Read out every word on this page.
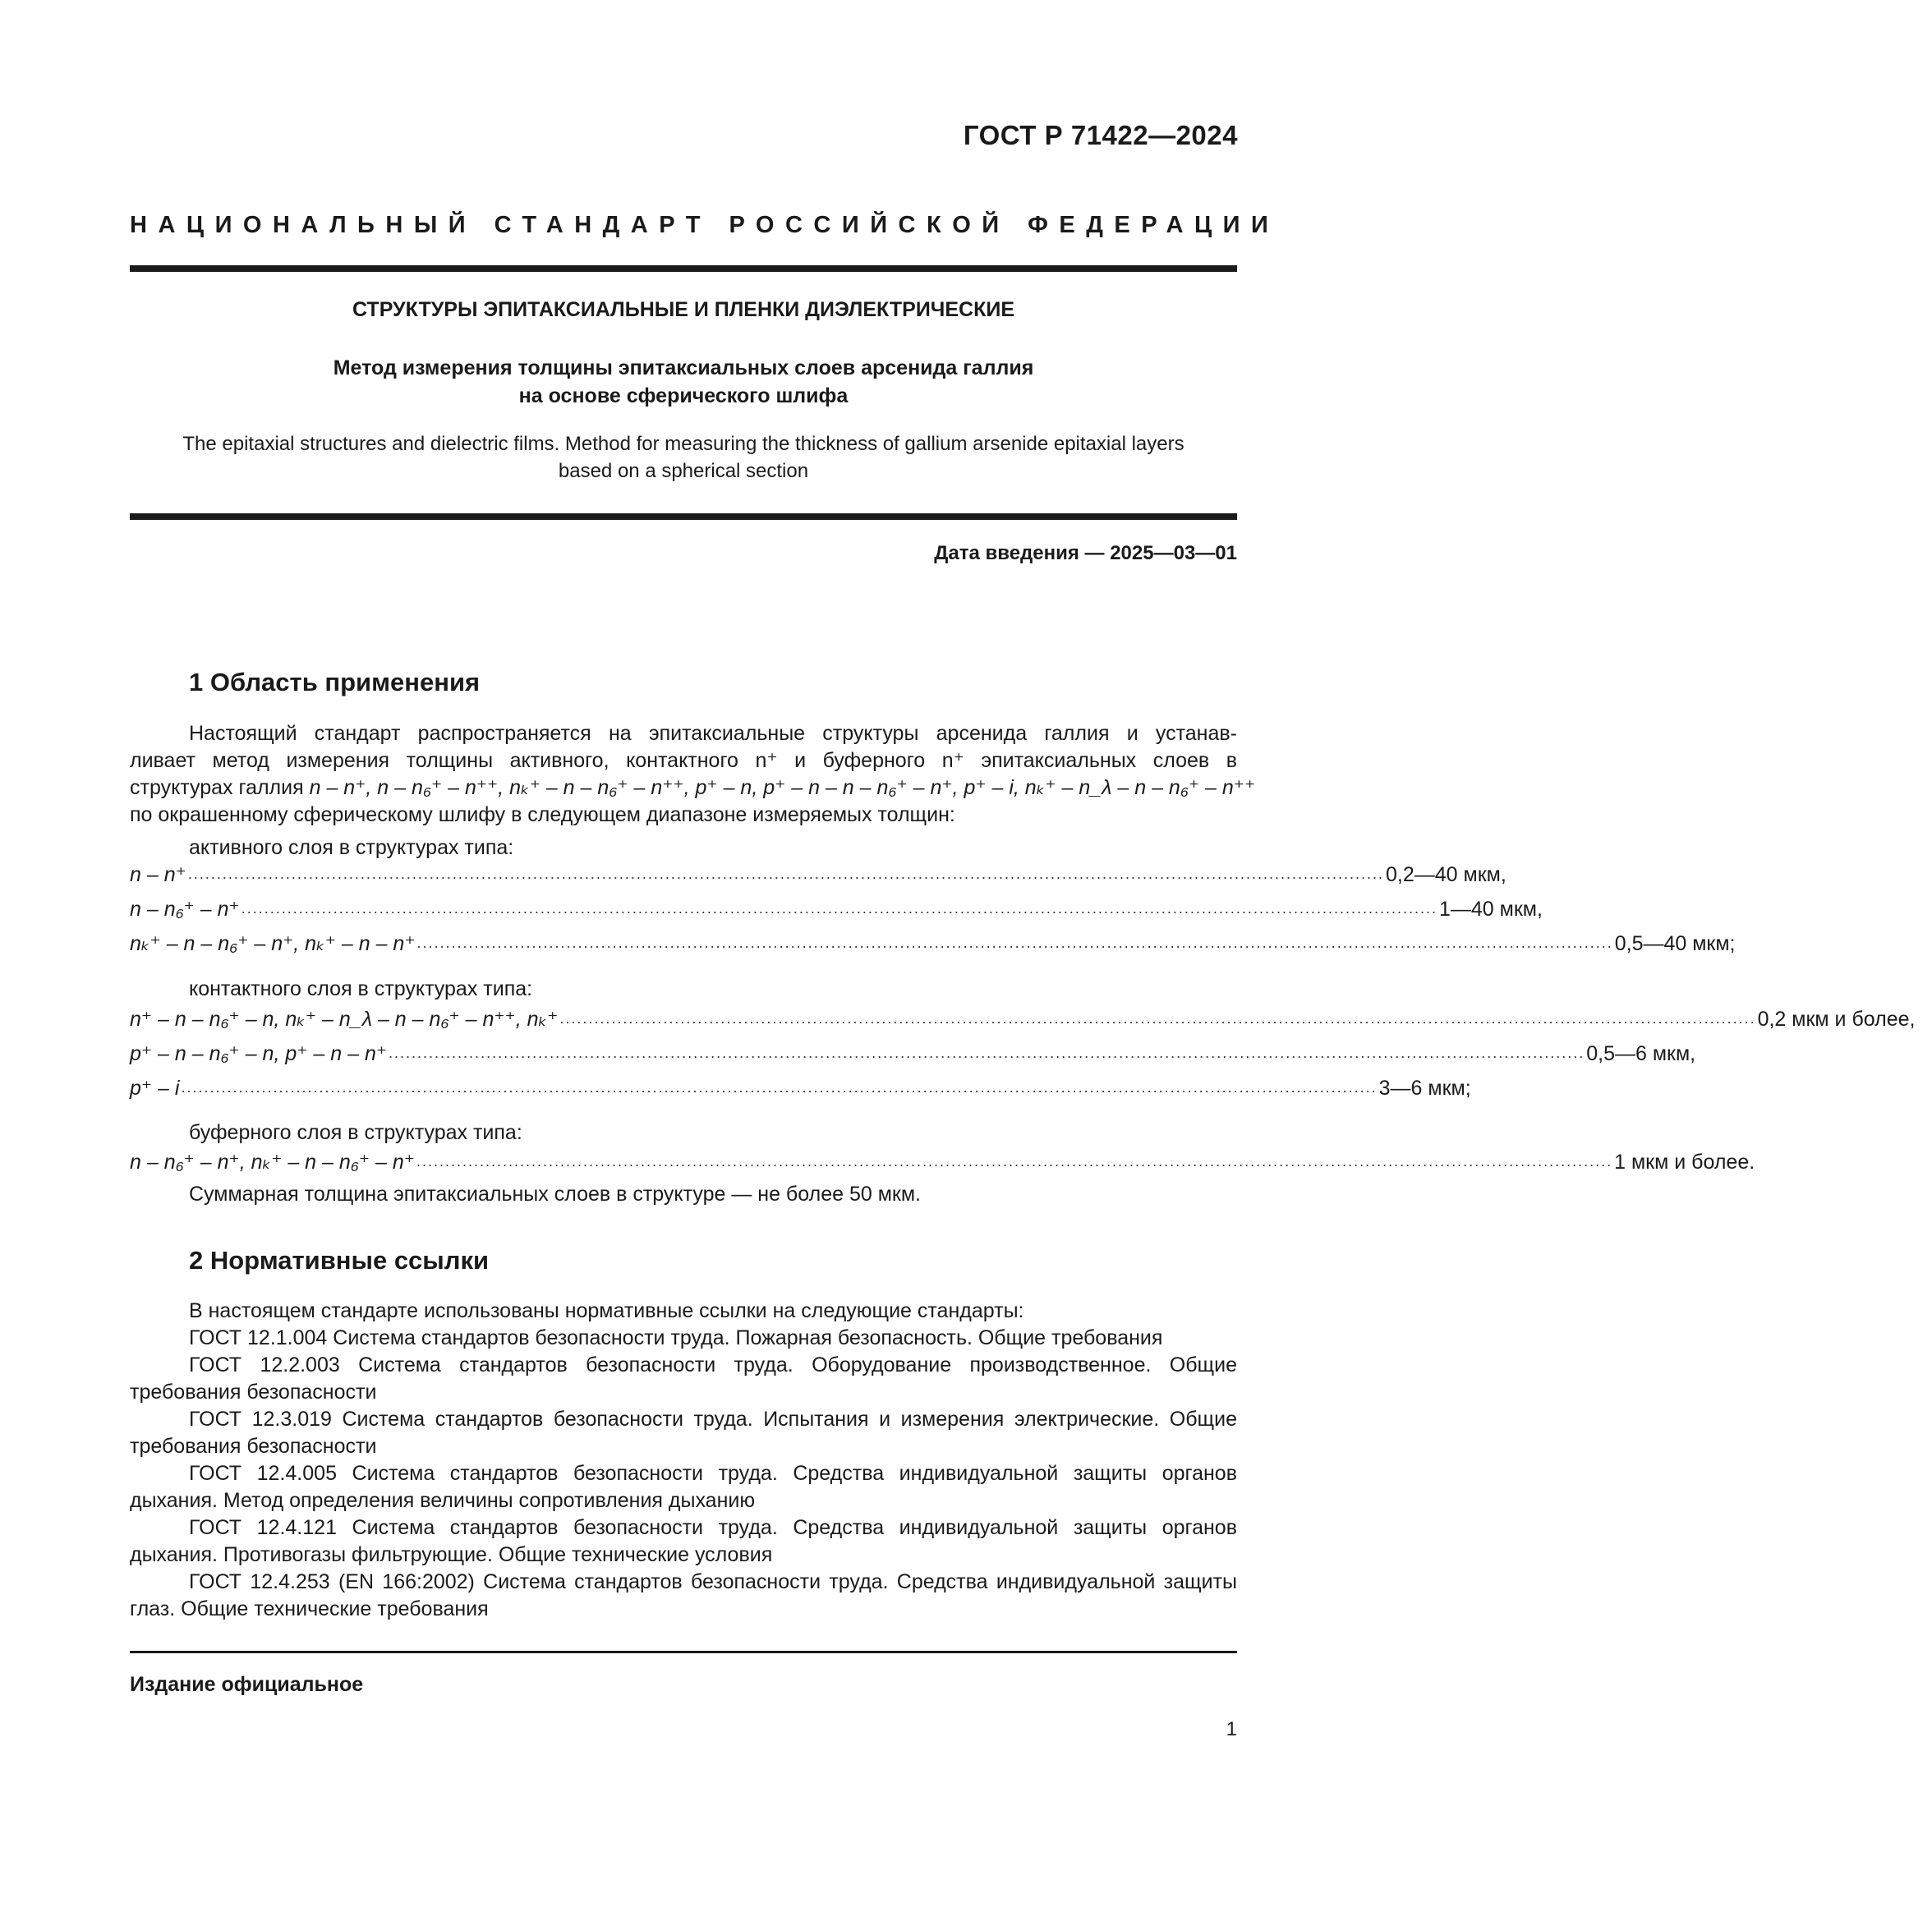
ГОСТ Р 71422—2024
НАЦИОНАЛЬНЫЙ СТАНДАРТ РОССИЙСКОЙ ФЕДЕРАЦИИ
СТРУКТУРЫ ЭПИТАКСИАЛЬНЫЕ И ПЛЕНКИ ДИЭЛЕКТРИЧЕСКИЕ
Метод измерения толщины эпитаксиальных слоев арсенида галлия
на основе сферического шлифа
The epitaxial structures and dielectric films. Method for measuring the thickness of gallium arsenide epitaxial layers
based on a spherical section
Дата введения — 2025—03—01
1 Область применения
Настоящий стандарт распространяется на эпитаксиальные структуры арсенида галлия и устанав-
ливает метод измерения толщины активного, контактного n⁺ и буферного n⁺ эпитаксиальных слоев в
структурах галлия n – n⁺, n – n₆⁺ – n⁺⁺, nₖ⁺ – n – n₆⁺ – n⁺⁺, p⁺ – n, p⁺ – n – n – n₆⁺ – n⁺, p⁺ – i, nₖ⁺ – n_λ – n – n₆⁺ – n⁺⁺
по окрашенному сферическому шлифу в следующем диапазоне измеряемых толщин:
активного слоя в структурах типа:
n – n⁺ ................................................................................................................................................................................................................ 0,2—40 мкм,
n – n₆⁺ – n⁺ ................................................................................................................................................................................................................ 1—40 мкм,
nₖ⁺ – n – n₆⁺ – n⁺, nₖ⁺ – n – n⁺ ................................................................................................................................................................................................................ 0,5—40 мкм;
контактного слоя в структурах типа:
n⁺ – n – n₆⁺ – n, nₖ⁺ – n_λ – n – n₆⁺ – n⁺⁺, nₖ⁺ ................................................................................................................................................................................................................ 0,2 мкм и более,
p⁺ – n – n₆⁺ – n, p⁺ – n – n⁺ ................................................................................................................................................................................................................ 0,5—6 мкм,
p⁺ – i ................................................................................................................................................................................................................ 3—6 мкм;
буферного слоя в структурах типа:
n – n₆⁺ – n⁺, nₖ⁺ – n – n₆⁺ – n⁺ ................................................................................................................................................................................................................ 1 мкм и более.
Суммарная толщина эпитаксиальных слоев в структуре — не более 50 мкм.
2 Нормативные ссылки

В настоящем стандарте использованы нормативные ссылки на следующие стандарты:

ГОСТ 12.1.004 Система стандартов безопасности труда. Пожарная безопасность. Общие требования

ГОСТ 12.2.003 Система стандартов безопасности труда. Оборудование производственное. Общие требования безопасности

ГОСТ 12.3.019 Система стандартов безопасности труда. Испытания и измерения электрические. Общие требования безопасности

ГОСТ 12.4.005 Система стандартов безопасности труда. Средства индивидуальной защиты органов дыхания. Метод определения величины сопротивления дыханию

ГОСТ 12.4.121 Система стандартов безопасности труда. Средства индивидуальной защиты органов дыхания. Противогазы фильтрующие. Общие технические условия

ГОСТ 12.4.253 (EN 166:2002) Система стандартов безопасности труда. Средства индивидуальной защиты глаз. Общие технические требования

Издание официальное
1
